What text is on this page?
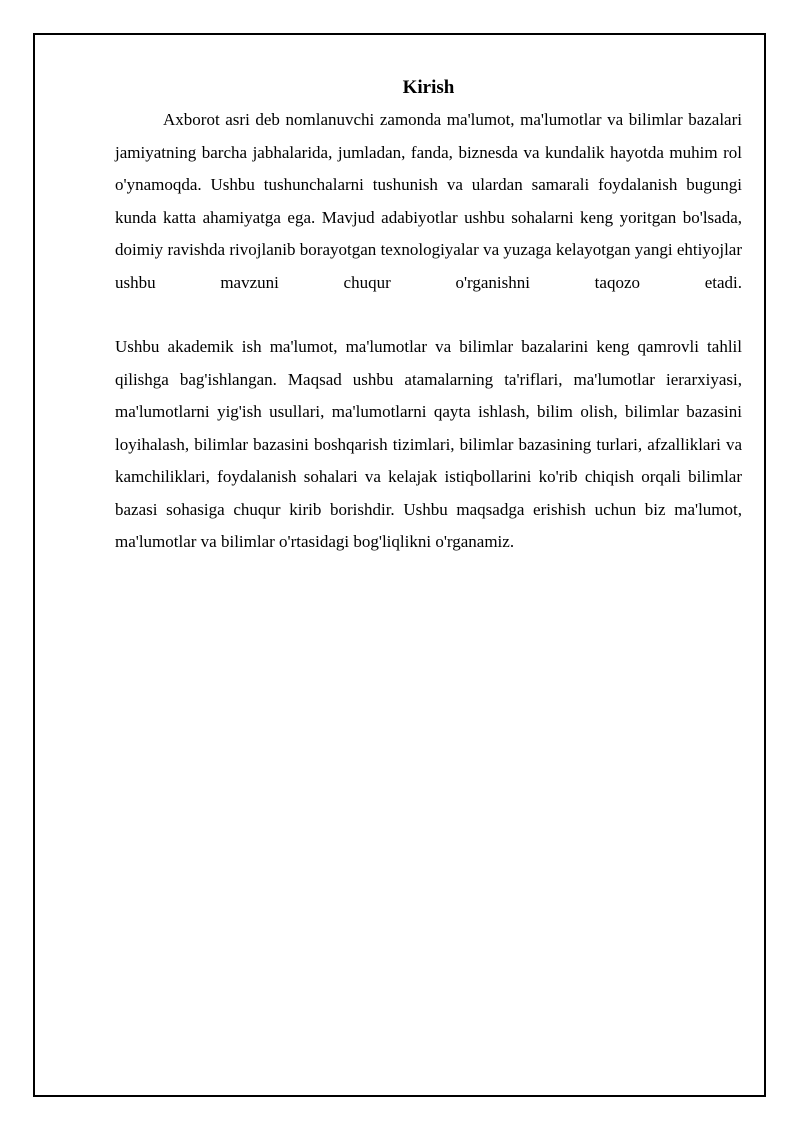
Kirish

Axborot asri deb nomlanuvchi zamonda ma'lumot, ma'lumotlar va bilimlar bazalari jamiyatning barcha jabhalarida, jumladan, fanda, biznesda va kundalik hayotda muhim rol o'ynamoqda. Ushbu tushunchalarni tushunish va ulardan samarali foydalanish bugungi kunda katta ahamiyatga ega. Mavjud adabiyotlar ushbu sohalarni keng yoritgan bo'lsada, doimiy ravishda rivojlanib borayotgan texnologiyalar va yuzaga kelayotgan yangi ehtiyojlar ushbu mavzuni chuqur o'rganishni taqozo etadi.

Ushbu akademik ish ma'lumot, ma'lumotlar va bilimlar bazalarini keng qamrovli tahlil qilishga bag'ishlangan. Maqsad ushbu atamalarning ta'riflari, ma'lumotlar ierarxiyasi, ma'lumotlarni yig'ish usullari, ma'lumotlarni qayta ishlash, bilim olish, bilimlar bazasini loyihalash, bilimlar bazasini boshqarish tizimlari, bilimlar bazasining turlari, afzalliklari va kamchiliklari, foydalanish sohalari va kelajak istiqbollarini ko'rib chiqish orqali bilimlar bazasi sohasiga chuqur kirib borishdir. Ushbu maqsadga erishish uchun biz ma'lumot, ma'lumotlar va bilimlar o'rtasidagi bog'liqlikni o'rganamiz.
